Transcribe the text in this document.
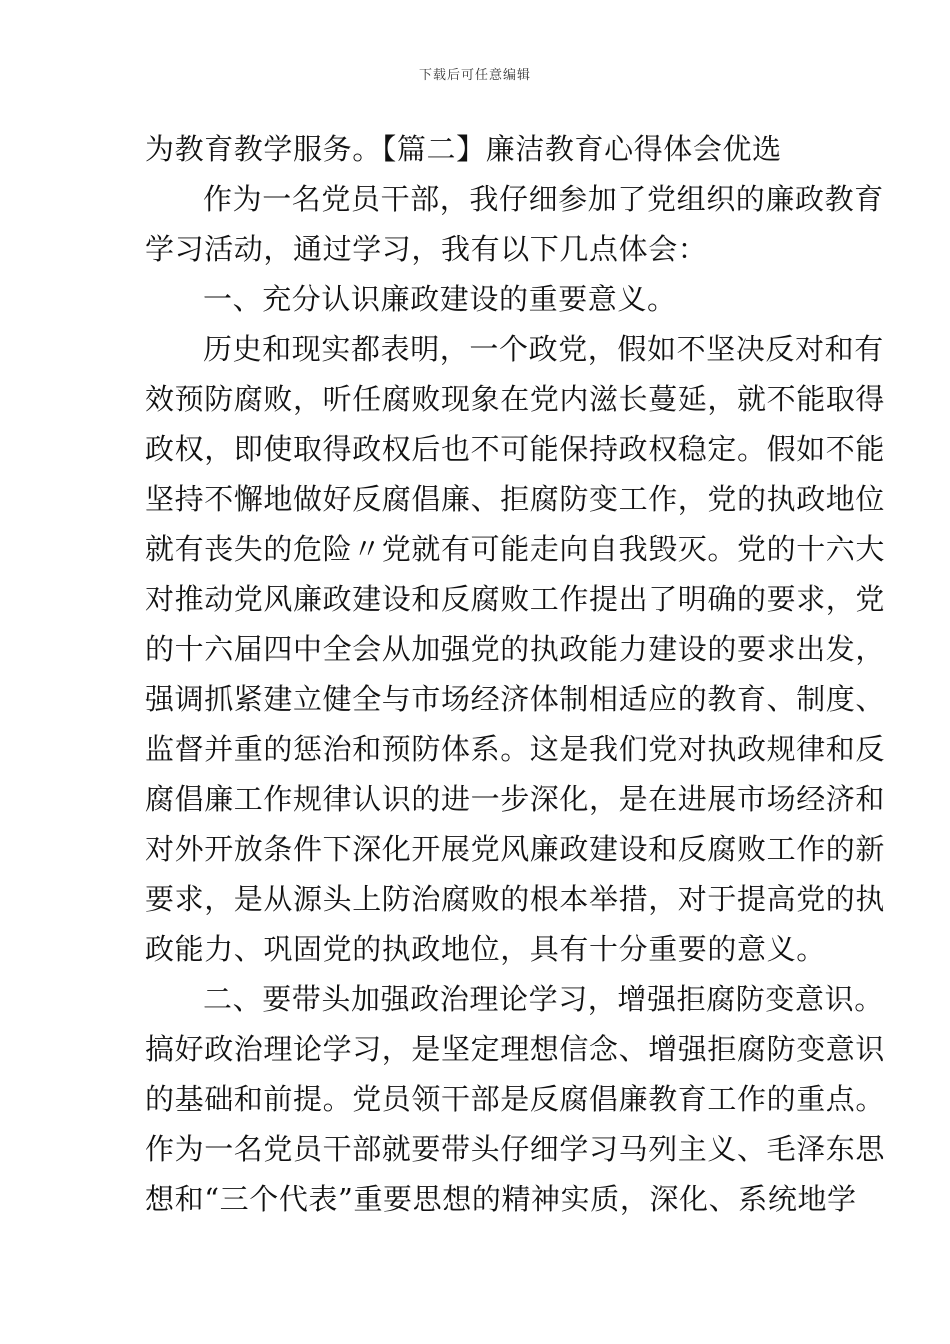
下载后可任意编辑
为教育教学服务。【篇二】廉洁教育心得体会优选
作为一名党员干部，我仔细参加了党组织的廉政教育
学习活动，通过学习，我有以下几点体会：
一、充分认识廉政建设的重要意义。
历史和现实都表明，一个政党，假如不坚决反对和有
效预防腐败，听任腐败现象在党内滋长蔓延，就不能取得
政权，即使取得政权后也不可能保持政权稳定。假如不能
坚持不懈地做好反腐倡廉、拒腐防变工作，党的执政地位
就有丧失的危险〃党就有可能走向自我毁灭。党的十六大
对推动党风廉政建设和反腐败工作提出了明确的要求，党
的十六届四中全会从加强党的执政能力建设的要求出发，
强调抓紧建立健全与市场经济体制相适应的教育、制度、
监督并重的惩治和预防体系。这是我们党对执政规律和反
腐倡廉工作规律认识的进一步深化，是在进展市场经济和
对外开放条件下深化开展党风廉政建设和反腐败工作的新
要求，是从源头上防治腐败的根本举措，对于提高党的执
政能力、巩固党的执政地位，具有十分重要的意义。
二、要带头加强政治理论学习，增强拒腐防变意识。
搞好政治理论学习，是坚定理想信念、增强拒腐防变意识
的基础和前提。党员领干部是反腐倡廉教育工作的重点。
作为一名党员干部就要带头仔细学习马列主义、毛泽东思
想和“三个代表”重要思想的精神实质，深化、系统地学
